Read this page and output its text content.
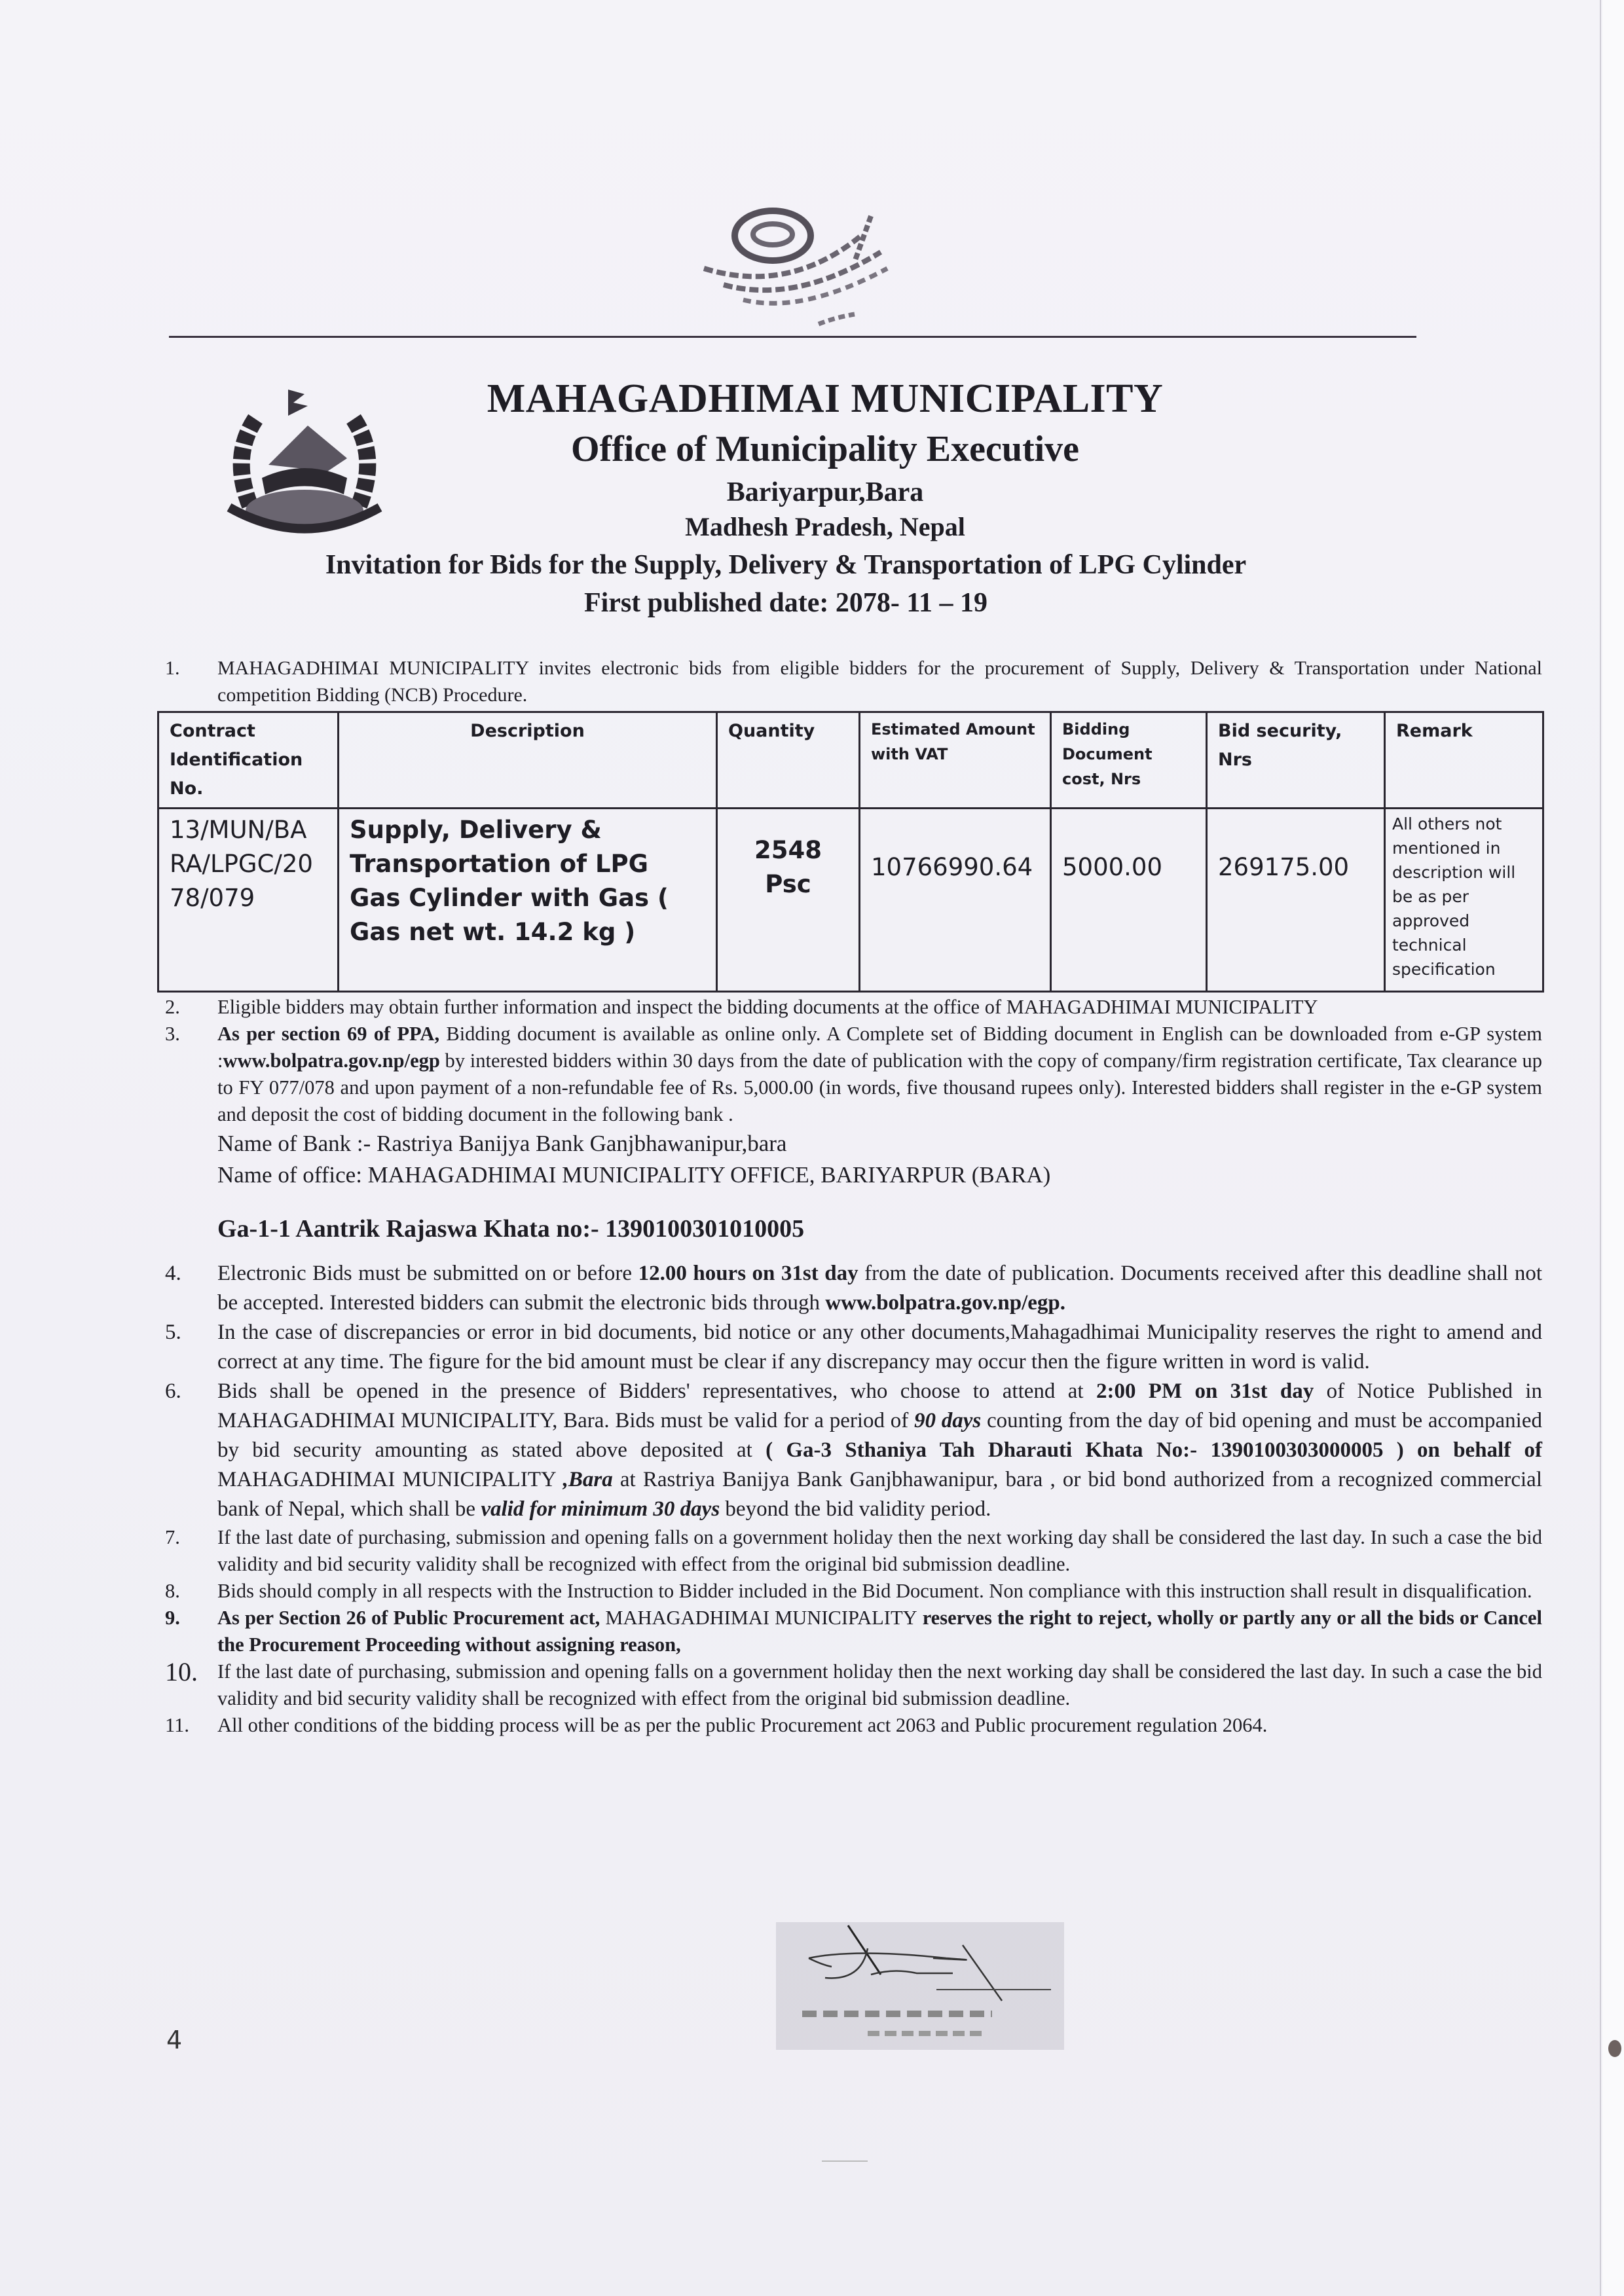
MAHAGADHIMAI MUNICIPALITY
Office of Municipality Executive
Bariyarpur,Bara
Madhesh Pradesh, Nepal
Invitation for Bids for the Supply, Delivery & Transportation of LPG Cylinder
First published date: 2078- 11 – 19
1.	MAHAGADHIMAI MUNICIPALITY invites electronic bids from eligible bidders for the procurement of Supply, Delivery & Transportation under National competition Bidding (NCB) Procedure.
Contract Identification No.	Description	Quantity	Estimated Amount with VAT	Bidding Document cost, Nrs	Bid security, Nrs	Remark
13/MUN/BA RA/LPGC/20 78/079	Supply, Delivery & Transportation of LPG Gas Cylinder with Gas ( Gas net wt. 14.2 kg )	2548 Psc	10766990.64	5000.00	269175.00	All others not mentioned in description will be as per approved technical specification
2.	Eligible bidders may obtain further information and inspect the bidding documents at the office of MAHAGADHIMAI MUNICIPALITY
3.	As per section 69 of PPA, Bidding document is available as online only. A Complete set of Bidding document in English can be downloaded from e-GP system :www.bolpatra.gov.np/egp by interested bidders within 30 days from the date of publication with the copy of company/firm registration certificate, Tax clearance up to FY 077/078 and upon payment of a non-refundable fee of Rs. 5,000.00 (in words, five thousand rupees only). Interested bidders shall register in the e-GP system and deposit the cost of bidding document in the following bank .
Name of Bank :- Rastriya Banijya Bank Ganjbhawanipur,bara
Name of office: MAHAGADHIMAI MUNICIPALITY OFFICE, BARIYARPUR (BARA)
Ga-1-1 Aantrik Rajaswa Khata no:- 1390100301010005
4.	Electronic Bids must be submitted on or before 12.00 hours on 31st day from the date of publication. Documents received after this deadline shall not be accepted. Interested bidders can submit the electronic bids through www.bolpatra.gov.np/egp.
5.	In the case of discrepancies or error in bid documents, bid notice or any other documents,Mahagadhimai Municipality reserves the right to amend and correct at any time. The figure for the bid amount must be clear if any discrepancy may occur then the figure written in word is valid.
6.	Bids shall be opened in the presence of Bidders' representatives, who choose to attend at 2:00 PM on 31st day of Notice Published in MAHAGADHIMAI MUNICIPALITY, Bara. Bids must be valid for a period of 90 days counting from the day of bid opening and must be accompanied by bid security amounting as stated above deposited at ( Ga-3 Sthaniya Tah Dharauti Khata No:- 1390100303000005 ) on behalf of MAHAGADHIMAI MUNICIPALITY ,Bara at Rastriya Banijya Bank Ganjbhawanipur, bara , or bid bond authorized from a recognized commercial bank of Nepal, which shall be valid for minimum 30 days beyond the bid validity period.
7.	If the last date of purchasing, submission and opening falls on a government holiday then the next working day shall be considered the last day. In such a case the bid validity and bid security validity shall be recognized with effect from the original bid submission deadline.
8.	Bids should comply in all respects with the Instruction to Bidder included in the Bid Document. Non compliance with this instruction shall result in disqualification.
9.	As per Section 26 of Public Procurement act, MAHAGADHIMAI MUNICIPALITY reserves the right to reject, wholly or partly any or all the bids or Cancel the Procurement Proceeding without assigning reason,
10. If the last date of purchasing, submission and opening falls on a government holiday then the next working day shall be considered the last day. In such a case the bid validity and bid security validity shall be recognized with effect from the original bid submission deadline.
11.	All other conditions of the bidding process will be as per the public Procurement act 2063 and Public procurement regulation 2064.
4
